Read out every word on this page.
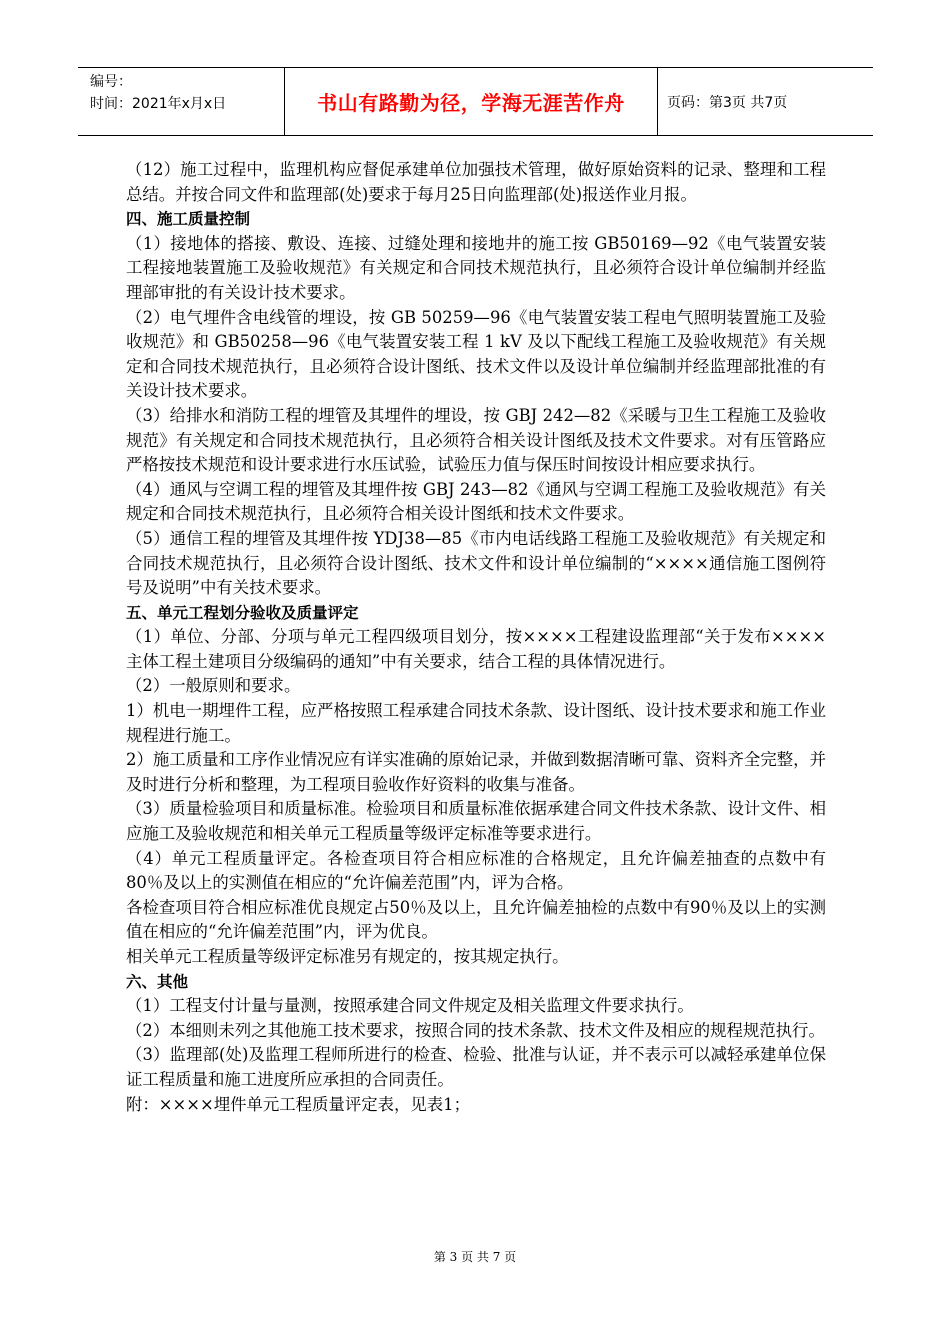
编号：
时间：2021年x月x日	书山有路勤为径，学海无涯苦作舟	页码：第3页 共7页

（12）施工过程中，监理机构应督促承建单位加强技术管理，做好原始资料的记录、整理和工程总结。并按合同文件和监理部(处)要求于每月25日向监理部(处)报送作业月报。

四、施工质量控制

（1）接地体的搭接、敷设、连接、过缝处理和接地井的施工按 GB50169—92《电气装置安装工程接地装置施工及验收规范》有关规定和合同技术规范执行，且必须符合设计单位编制并经监理部审批的有关设计技术要求。

（2）电气埋件含电线管的埋设，按 GB 50259—96《电气装置安装工程电气照明装置施工及验收规范》和 GB50258—96《电气装置安装工程 1 kV 及以下配线工程施工及验收规范》有关规定和合同技术规范执行，且必须符合设计图纸、技术文件以及设计单位编制并经监理部批准的有关设计技术要求。

（3）给排水和消防工程的埋管及其埋件的埋设，按 GBJ 242—82《采暖与卫生工程施工及验收规范》有关规定和合同技术规范执行，且必须符合相关设计图纸及技术文件要求。对有压管路应严格按技术规范和设计要求进行水压试验，试验压力值与保压时间按设计相应要求执行。

（4）通风与空调工程的埋管及其埋件按 GBJ 243—82《通风与空调工程施工及验收规范》有关规定和合同技术规范执行，且必须符合相关设计图纸和技术文件要求。

（5）通信工程的埋管及其埋件按 YDJ38—85《市内电话线路工程施工及验收规范》有关规定和合同技术规范执行，且必须符合设计图纸、技术文件和设计单位编制的“××××通信施工图例符号及说明”中有关技术要求。

五、单元工程划分验收及质量评定

（1）单位、分部、分项与单元工程四级项目划分，按××××工程建设监理部“关于发布××××主体工程土建项目分级编码的通知”中有关要求，结合工程的具体情况进行。

（2）一般原则和要求。

1）机电一期埋件工程，应严格按照工程承建合同技术条款、设计图纸、设计技术要求和施工作业规程进行施工。

2）施工质量和工序作业情况应有详实准确的原始记录，并做到数据清晰可靠、资料齐全完整，并及时进行分析和整理，为工程项目验收作好资料的收集与准备。

（3）质量检验项目和质量标准。检验项目和质量标准依据承建合同文件技术条款、设计文件、相应施工及验收规范和相关单元工程质量等级评定标准等要求进行。

（4）单元工程质量评定。各检查项目符合相应标准的合格规定，且允许偏差抽查的点数中有80％及以上的实测值在相应的“允许偏差范围”内，评为合格。

各检查项目符合相应标准优良规定占50％及以上，且允许偏差抽检的点数中有90％及以上的实测值在相应的“允许偏差范围”内，评为优良。

相关单元工程质量等级评定标准另有规定的，按其规定执行。

六、其他

（1）工程支付计量与量测，按照承建合同文件规定及相关监理文件要求执行。

（2）本细则未列之其他施工技术要求，按照合同的技术条款、技术文件及相应的规程规范执行。

（3）监理部(处)及监理工程师所进行的检查、检验、批准与认证，并不表示可以减轻承建单位保证工程质量和施工进度所应承担的合同责任。

附：××××埋件单元工程质量评定表，见表1；

第 3 页 共 7 页
